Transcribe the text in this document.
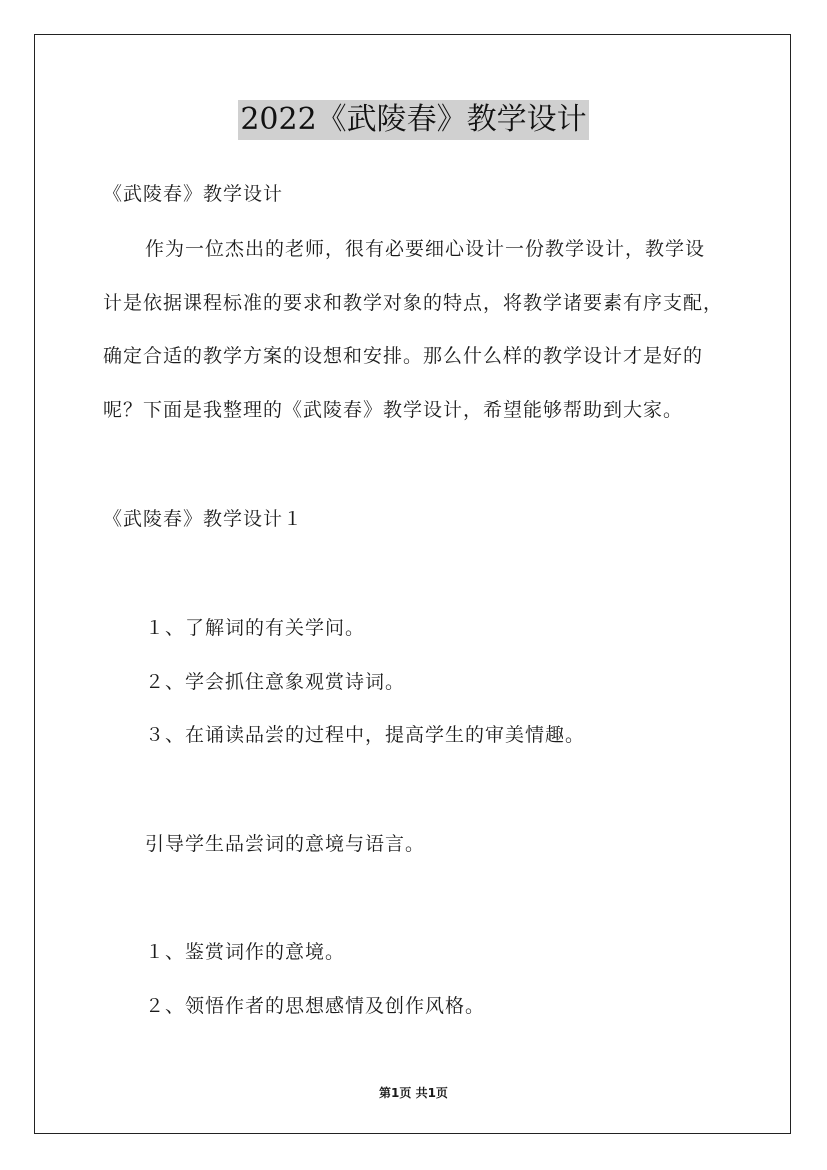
2022《武陵春》教学设计
《武陵春》教学设计
作为一位杰出的老师，很有必要细心设计一份教学设计，教学设
计是依据课程标准的要求和教学对象的特点，将教学诸要素有序支配，
确定合适的教学方案的设想和安排。那么什么样的教学设计才是好的
呢？下面是我整理的《武陵春》教学设计，希望能够帮助到大家。
《武陵春》教学设计１
１、了解词的有关学问。
２、学会抓住意象观赏诗词。
３、在诵读品尝的过程中，提高学生的审美情趣。
引导学生品尝词的意境与语言。
１、鉴赏词作的意境。
２、领悟作者的思想感情及创作风格。
第1页 共1页
